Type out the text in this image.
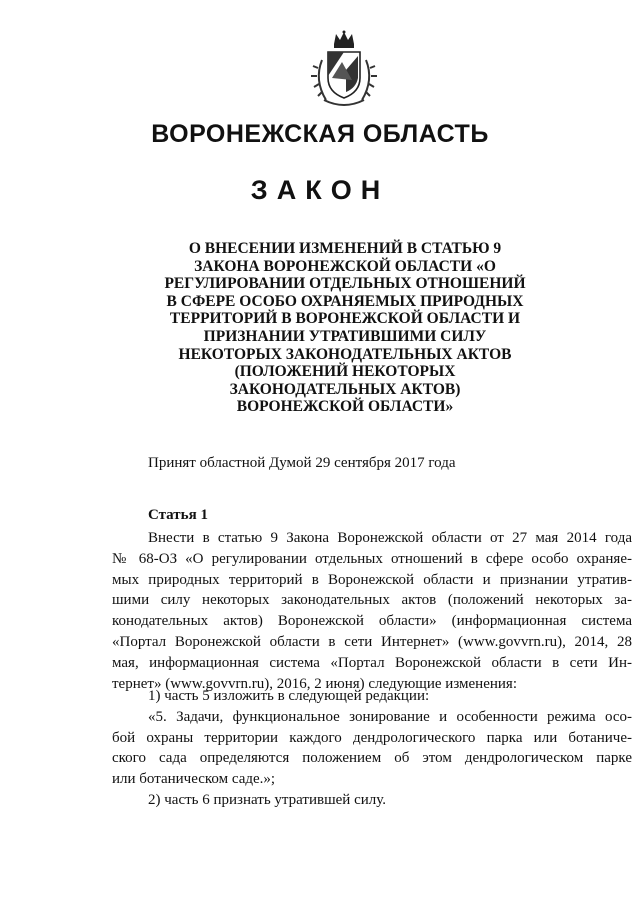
ВОРОНЕЖСКАЯ ОБЛАСТЬ
ЗАКОН
О ВНЕСЕНИИ ИЗМЕНЕНИЙ В СТАТЬЮ 9
ЗАКОНА ВОРОНЕЖСКОЙ ОБЛАСТИ «О
РЕГУЛИРОВАНИИ ОТДЕЛЬНЫХ ОТНОШЕНИЙ
В СФЕРЕ ОСОБО ОХРАНЯЕМЫХ ПРИРОДНЫХ
ТЕРРИТОРИЙ В ВОРОНЕЖСКОЙ ОБЛАСТИ И
ПРИЗНАНИИ УТРАТИВШИМИ СИЛУ
НЕКОТОРЫХ ЗАКОНОДАТЕЛЬНЫХ АКТОВ
(ПОЛОЖЕНИЙ НЕКОТОРЫХ
ЗАКОНОДАТЕЛЬНЫХ АКТОВ)
ВОРОНЕЖСКОЙ ОБЛАСТИ»
Принят областной Думой 29 сентября 2017 года
Статья 1
Внести в статью 9 Закона Воронежской области от 27 мая 2014 года
№ 68-ОЗ «О регулировании отдельных отношений в сфере особо охраняе-
мых природных территорий в Воронежской области и признании утратив-
шими силу некоторых законодательных актов (положений некоторых за-
конодательных актов) Воронежской области» (информационная система
«Портал Воронежской области в сети Интернет» (www.govvrn.ru), 2014, 28
мая, информационная система «Портал Воронежской области в сети Ин-
тернет» (www.govvrn.ru), 2016, 2 июня) следующие изменения:
1) часть 5 изложить в следующей редакции:
«5. Задачи, функциональное зонирование и особенности режима осо-
бой охраны территории каждого дендрологического парка или ботаниче-
ского сада определяются положением об этом дендрологическом парке
или ботаническом саде.»;
2) часть 6 признать утратившей силу.
